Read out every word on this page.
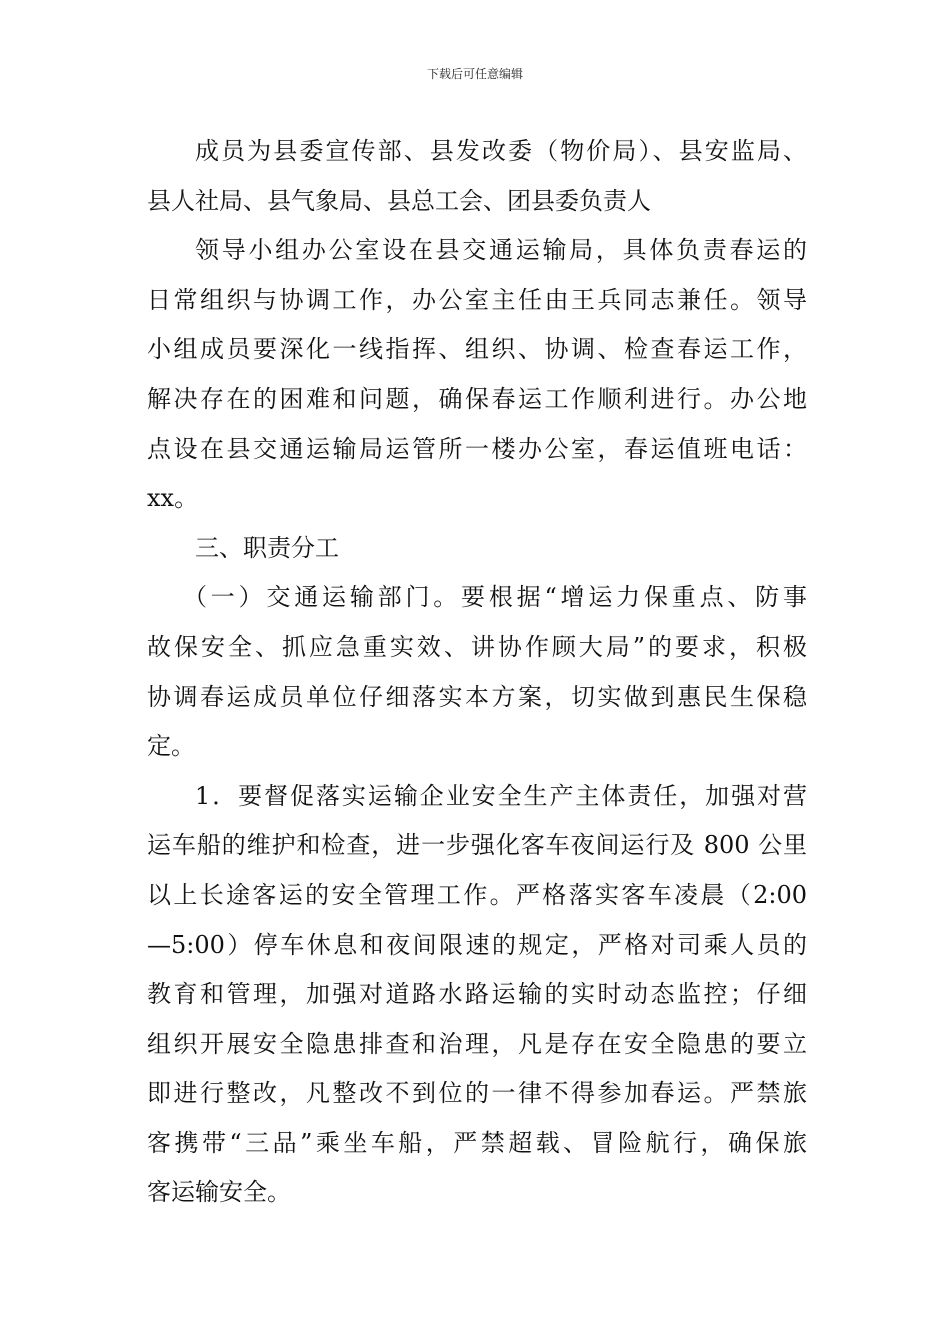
下载后可任意编辑
成员为县委宣传部、县发改委（物价局）、县安监局、
县人社局、县气象局、县总工会、团县委负责人
领导小组办公室设在县交通运输局，具体负责春运的
日常组织与协调工作，办公室主任由王兵同志兼任。领导
小组成员要深化一线指挥、组织、协调、检查春运工作，
解决存在的困难和问题，确保春运工作顺利进行。办公地
点设在县交通运输局运管所一楼办公室，春运值班电话：
xx。
三、职责分工
（一）交通运输部门。要根据“增运力保重点、防事
故保安全、抓应急重实效、讲协作顾大局”的要求，积极
协调春运成员单位仔细落实本方案，切实做到惠民生保稳
定。
1．要督促落实运输企业安全生产主体责任，加强对营
运车船的维护和检查，进一步强化客车夜间运行及 800 公里
以上长途客运的安全管理工作。严格落实客车凌晨（2:00
—5:00）停车休息和夜间限速的规定，严格对司乘人员的
教育和管理，加强对道路水路运输的实时动态监控；仔细
组织开展安全隐患排查和治理，凡是存在安全隐患的要立
即进行整改，凡整改不到位的一律不得参加春运。严禁旅
客携带“三品”乘坐车船，严禁超载、冒险航行，确保旅
客运输安全。
